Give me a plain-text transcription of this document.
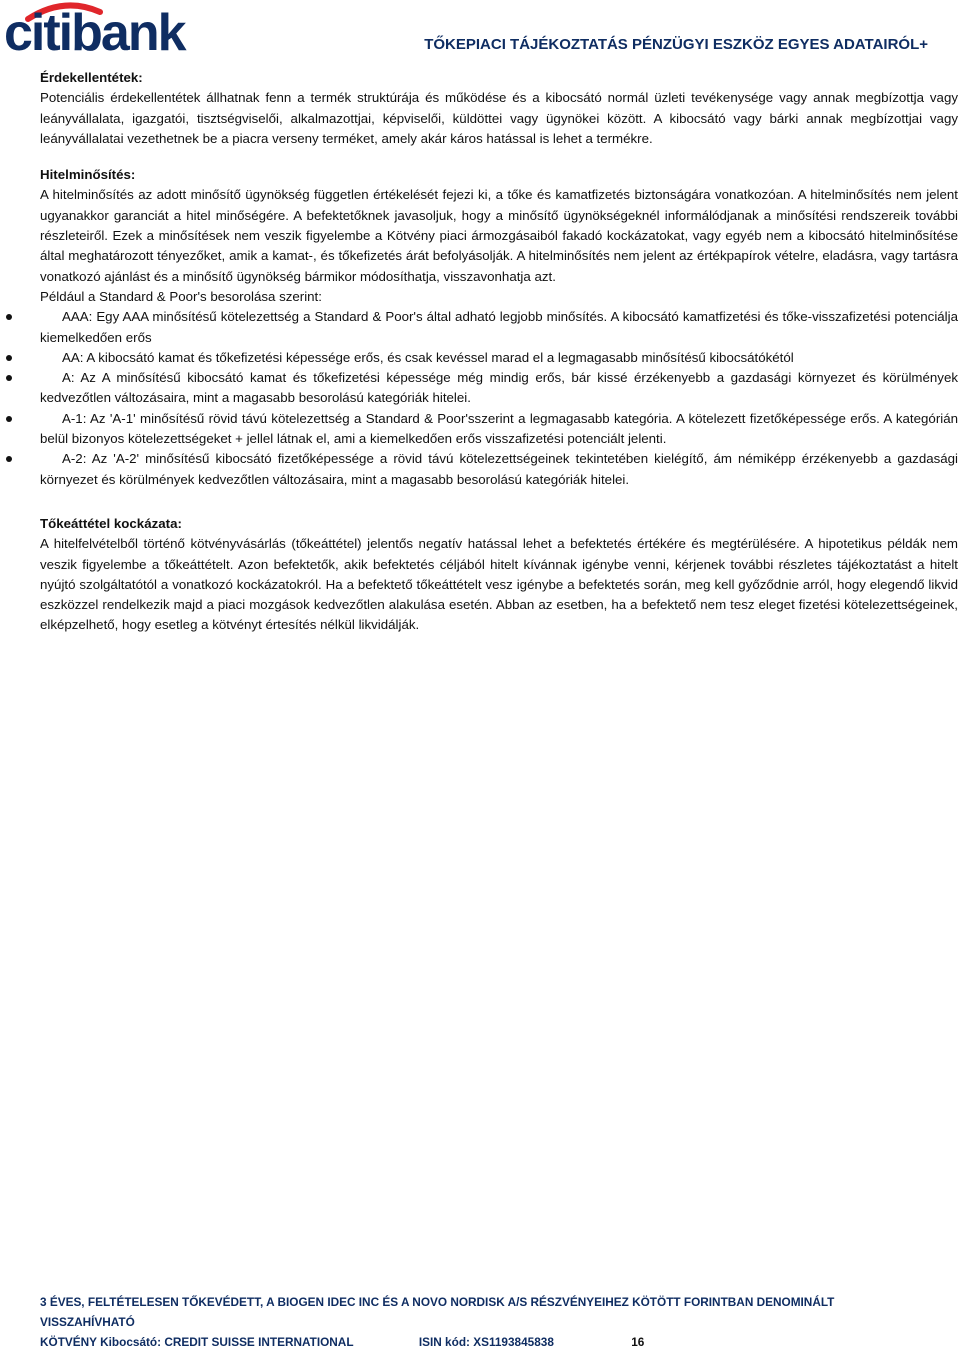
citibank	TŐKEPIACI TÁJÉKOZTATÁS PÉNZÜGYI ESZKÖZ EGYES ADATAIRÓL+
Érdekellentétek:

Potenciális érdekellentétek állhatnak fenn a termék struktúrája és működése és a kibocsátó normál üzleti tevékenysége vagy annak megbízottja vagy leányvállalata, igazgatói, tisztségviselői, alkalmazottjai, képviselői, küldöttei vagy ügynökei között. A kibocsátó vagy bárki annak megbízottjai vagy leányvállalatai vezethetnek be a piacra verseny terméket, amely akár káros hatással is lehet a termékre.

Hitelminősítés:

A hitelminősítés az adott minősítő ügynökség független értékelését fejezi ki, a tőke és kamatfizetés biztonságára vonatkozóan. A hitelminősítés nem jelent ugyanakkor garanciát a hitel minőségére. A befektetőknek javasoljuk, hogy a minősítő ügynökségeknél informálódjanak a minősítési rendszereik további részleteiről. Ezek a minősítések nem veszik figyelembe a Kötvény piaci ármozgásaiból fakadó kockázatokat, vagy egyéb nem a kibocsátó hitelminősítése által meghatározott tényezőket, amik a kamat-, és tőkefizetés árát befolyásolják. A hitelminősítés nem jelent az értékpapírok vételre, eladásra, vagy tartásra vonatkozó ajánlást és a minősítő ügynökség bármikor módosíthatja, visszavonhatja azt.

Például a Standard & Poor's besorolása szerint:

AAA: Egy AAA minősítésű kötelezettség a Standard & Poor's által adható legjobb minősítés. A kibocsátó kamatfizetési és tőke-visszafizetési potenciálja kiemelkedően erős
AA: A kibocsátó kamat és tőkefizetési képessége erős, és csak kevéssel marad el a legmagasabb minősítésű kibocsátókétól
A: Az A minősítésű kibocsátó kamat és tőkefizetési képessége még mindig erős, bár kissé érzékenyebb a gazdasági környezet és körülmények kedvezőtlen változásaira, mint a magasabb besorolású kategóriák hitelei.
A-1: Az 'A-1' minősítésű rövid távú kötelezettség a Standard & Poor'sszerint a legmagasabb kategória. A kötelezett fizetőképessége erős. A kategórián belül bizonyos kötelezettségeket + jellel látnak el, ami a kiemelkedően erős visszafizetési potenciált jelenti.
A-2: Az 'A-2' minősítésű kibocsátó fizetőképessége a rövid távú kötelezettségeinek tekintetében kielégítő, ám némiképp érzékenyebb a gazdasági környezet és körülmények kedvezőtlen változásaira, mint a magasabb besorolású kategóriák hitelei.
Tőkeáttétel kockázata:

A hitelfelvételből történő kötvényvásárlás (tőkeáttétel) jelentős negatív hatással lehet a befektetés értékére és megtérülésére. A hipotetikus példák nem veszik figyelembe a tőkeáttételt. Azon befektetők, akik befektetés céljából hitelt kívánnak igénybe venni, kérjenek további részletes tájékoztatást a hitelt nyújtó szolgáltatótól a vonatkozó kockázatokról. Ha a befektető tőkeáttételt vesz igénybe a befektetés során, meg kell győződnie arról, hogy elegendő likvid eszközzel rendelkezik majd a piaci mozgások kedvezőtlen alakulása esetén. Abban az esetben, ha a befektető nem tesz eleget fizetési kötelezettségeinek, elképzelhető, hogy esetleg a kötvényt értesítés nélkül likvidálják.

3 ÉVES, FELTÉTELESEN TŐKEVÉDETT, A BIOGEN IDEC INC ÉS A NOVO NORDISK A/S RÉSZVÉNYEIHEZ KÖTÖTT FORINTBAN DENOMINÁLT VISSZAHÍVHATÓ
KÖTVÉNY Kibocsátó: CREDIT SUISSE INTERNATIONAL	ISIN kód: XS1193845838	16
